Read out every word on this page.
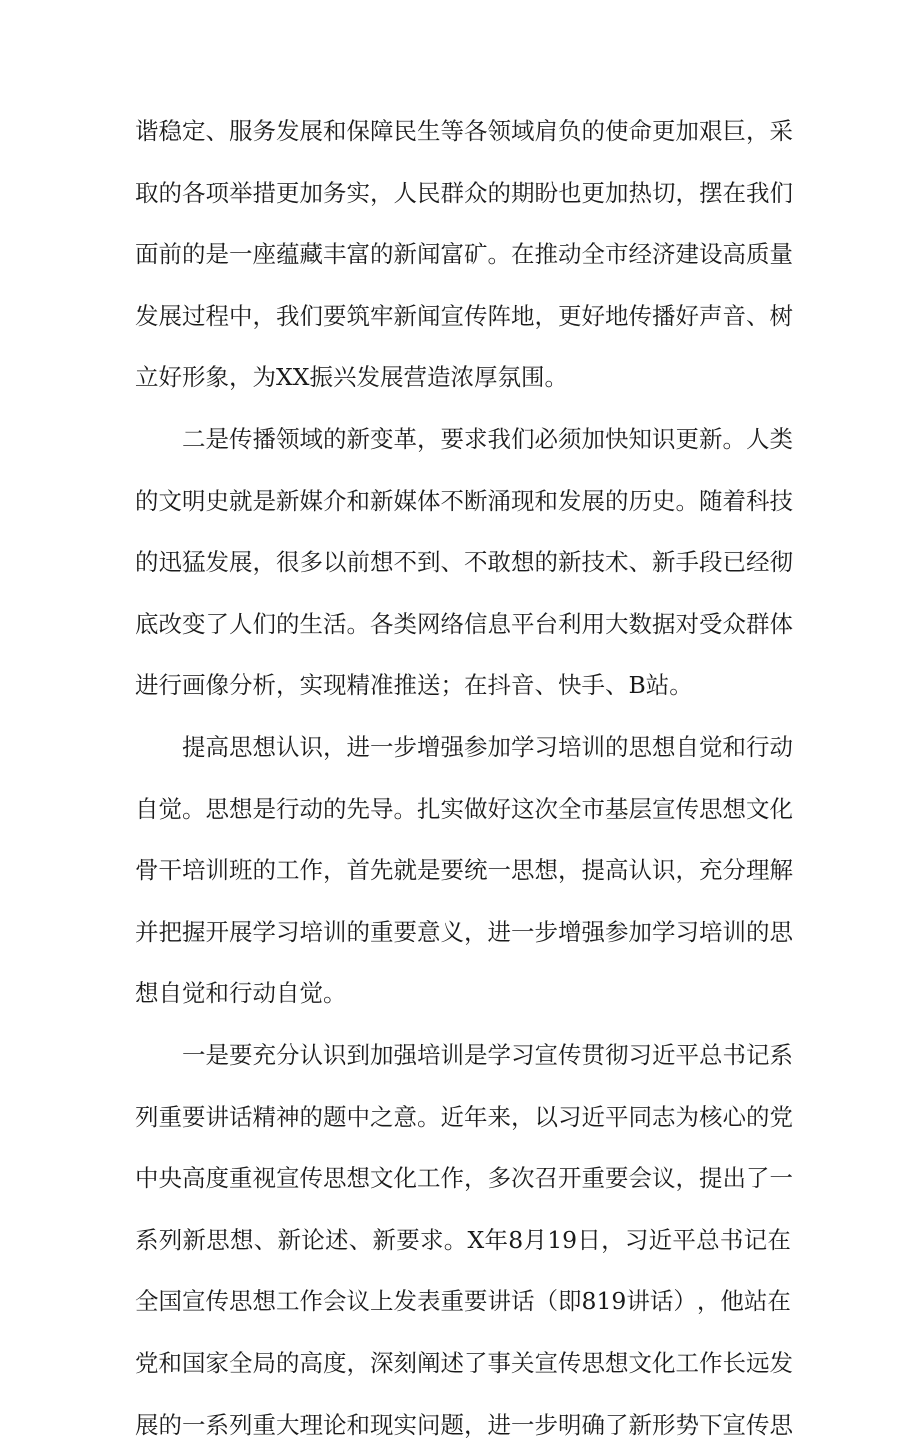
谐 稳 定 、 服 务 发 展 和 保 障 民 生 等 各 领 域 肩 负 的 使 命 更 加 艰 巨 ， 采
取 的 各 项 举 措 更 加 务 实 ， 人 民 群 众 的 期 盼 也 更 加 热 切 ， 摆 在 我 们
面 前 的 是 一 座 蕴 藏 丰 富 的 新 闻 富 矿 。 在 推 动 全 市 经 济 建 设 高 质 量
发 展 过 程 中 ， 我 们 要 筑 牢 新 闻 宣 传 阵 地 ， 更 好 地 传 播 好 声 音 、 树
立好形象，为XX振兴发展营造浓厚氛围。
二 是 传 播 领 域 的 新 变 革 ， 要 求 我 们 必 须 加 快 知 识 更 新 。 人 类
的 文 明 史 就 是 新 媒 介 和 新 媒 体 不 断 涌 现 和 发 展 的 历 史 。 随 着 科 技
的 迅 猛 发 展 ， 很 多 以 前 想 不 到 、 不 敢 想 的 新 技 术 、 新 手 段 已 经 彻
底 改 变 了 人 们 的 生 活 。 各 类 网 络 信 息 平 台 利 用 大 数 据 对 受 众 群 体
进行画像分析，实现精准推送；在抖音、快手、B站。
提 高 思 想 认 识 ， 进 一 步 增 强 参 加 学 习 培 训 的 思 想 自 觉 和 行 动
自 觉 。 思 想 是 行 动 的 先 导 。 扎 实 做 好 这 次 全 市 基 层 宣 传 思 想 文 化
骨 干 培 训 班 的 工 作 ， 首 先 就 是 要 统 一 思 想 ， 提 高 认 识 ， 充 分 理 解
并 把 握 开 展 学 习 培 训 的 重 要 意 义 ， 进 一 步 增 强 参 加 学 习 培 训 的 思
想自觉和行动自觉。
一 是 要 充 分 认 识 到 加 强 培 训 是 学 习 宣 传 贯 彻 习 近 平 总 书 记 系
列 重 要 讲 话 精 神 的 题 中 之 意 。 近 年 来 ， 以 习 近 平 同 志 为 核 心 的 党
中 央 高 度 重 视 宣 传 思 想 文 化 工 作 ， 多 次 召 开 重 要 会 议 ， 提 出 了 一
系 列 新 思 想 、 新 论 述 、 新 要 求 。 X 年 8 月 19 日 ， 习 近 平 总 书 记 在
全 国 宣 传 思 想 工 作 会 议 上 发 表 重 要 讲 话 （ 即 819 讲 话 ） ， 他 站 在
党 和 国 家 全 局 的 高 度 ， 深 刻 阐 述 了 事 关 宣 传 思 想 文 化 工 作 长 远 发
展 的 一 系 列 重 大 理 论 和 现 实 问 题 ， 进 一 步 明 确 了 新 形 势 下 宣 传 思
